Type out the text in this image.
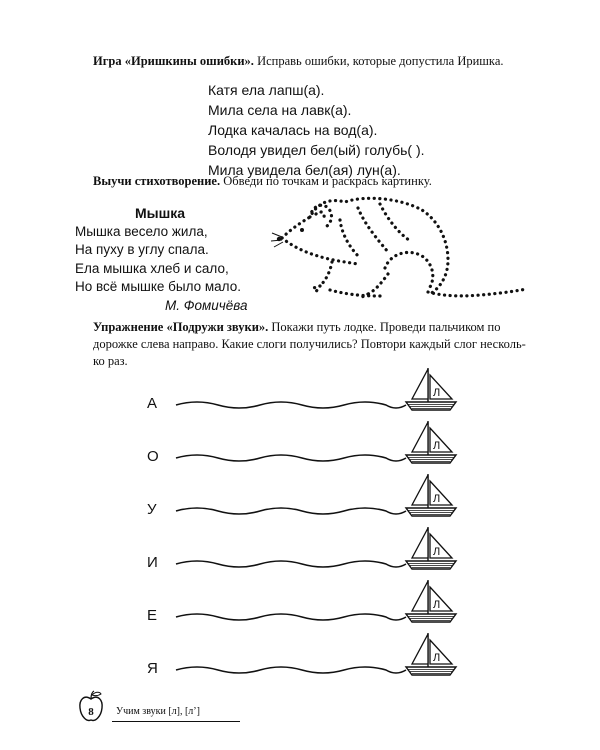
Игра «Иришкины ошибки». Исправь ошибки, которые допустила Иришка.
Катя ела лапш(а).
Мила села на лавк(а).
Лодка качалась на вод(а).
Володя увидел бел(ый) голубь( ).
Мила увидела бел(ая) лун(а).
Выучи стихотворение. Обведи по точкам и раскрась картинку.
Мышка
Мышка весело жила,
На пуху в углу спала.
Ела мышка хлеб и сало,
Но всё мышке было мало.
М. Фомичёва
Упражнение «Подружи звуки». Покажи путь лодке. Проведи пальчиком по
дорожке слева направо. Какие слоги получились? Повтори каждый слог несколь-
ко раз.
А
Л
О
Л
У
Л
И
Л
Е
Л
Я
Л
8	Учим звуки [л], [л’]
